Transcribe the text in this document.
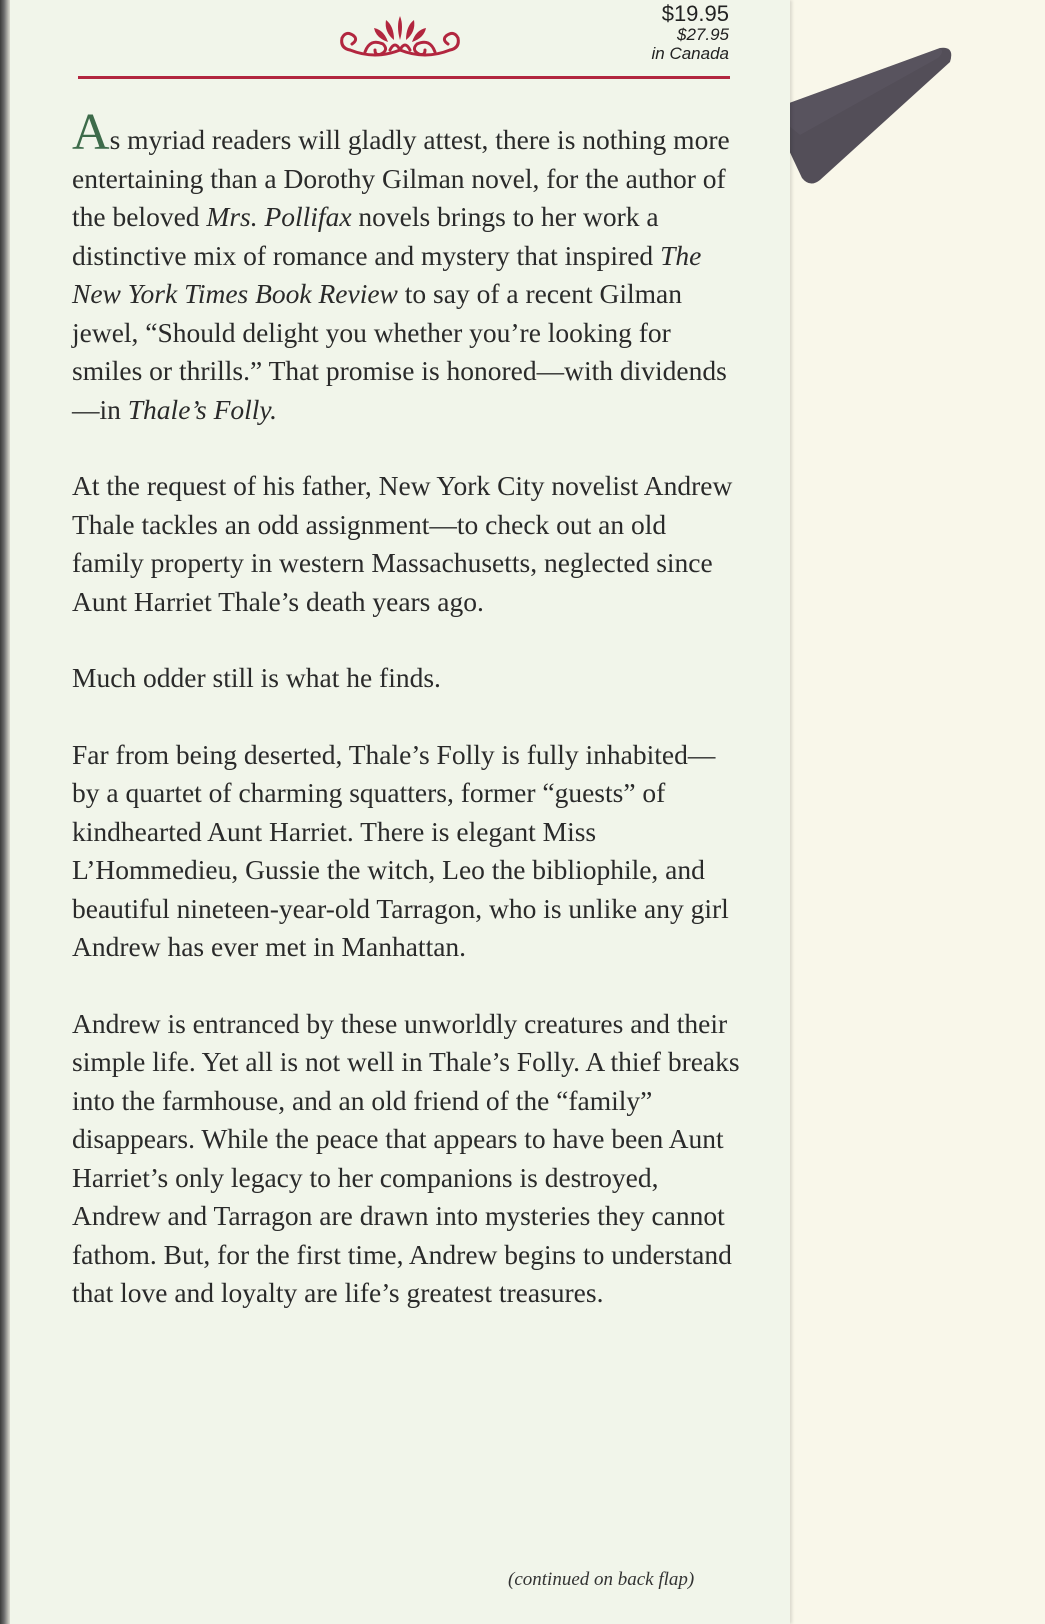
$19.95
$27.95
in Canada

As myriad readers will gladly attest, there is nothing more entertaining than a Dorothy Gilman novel, for the author of the beloved Mrs. Pollifax novels brings to her work a distinctive mix of romance and mystery that inspired The New York Times Book Review to say of a recent Gilman jewel, “Should delight you whether you’re looking for smiles or thrills.” That promise is honored—with dividends—in Thale’s Folly.

At the request of his father, New York City novelist Andrew Thale tackles an odd assignment—to check out an old family property in western Massachusetts, neglected since Aunt Harriet Thale’s death years ago.

Much odder still is what he finds.

Far from being deserted, Thale’s Folly is fully inhabited—by a quartet of charming squatters, former “guests” of kindhearted Aunt Harriet. There is elegant Miss L’Hommedieu, Gussie the witch, Leo the bibliophile, and beautiful nineteen-year-old Tarragon, who is unlike any girl Andrew has ever met in Manhattan.

Andrew is entranced by these unworldly creatures and their simple life. Yet all is not well in Thale’s Folly. A thief breaks into the farmhouse, and an old friend of the “family” disappears. While the peace that appears to have been Aunt Harriet’s only legacy to her companions is destroyed, Andrew and Tarragon are drawn into mysteries they cannot fathom. But, for the first time, Andrew begins to understand that love and loyalty are life’s greatest treasures.

(continued on back flap)
